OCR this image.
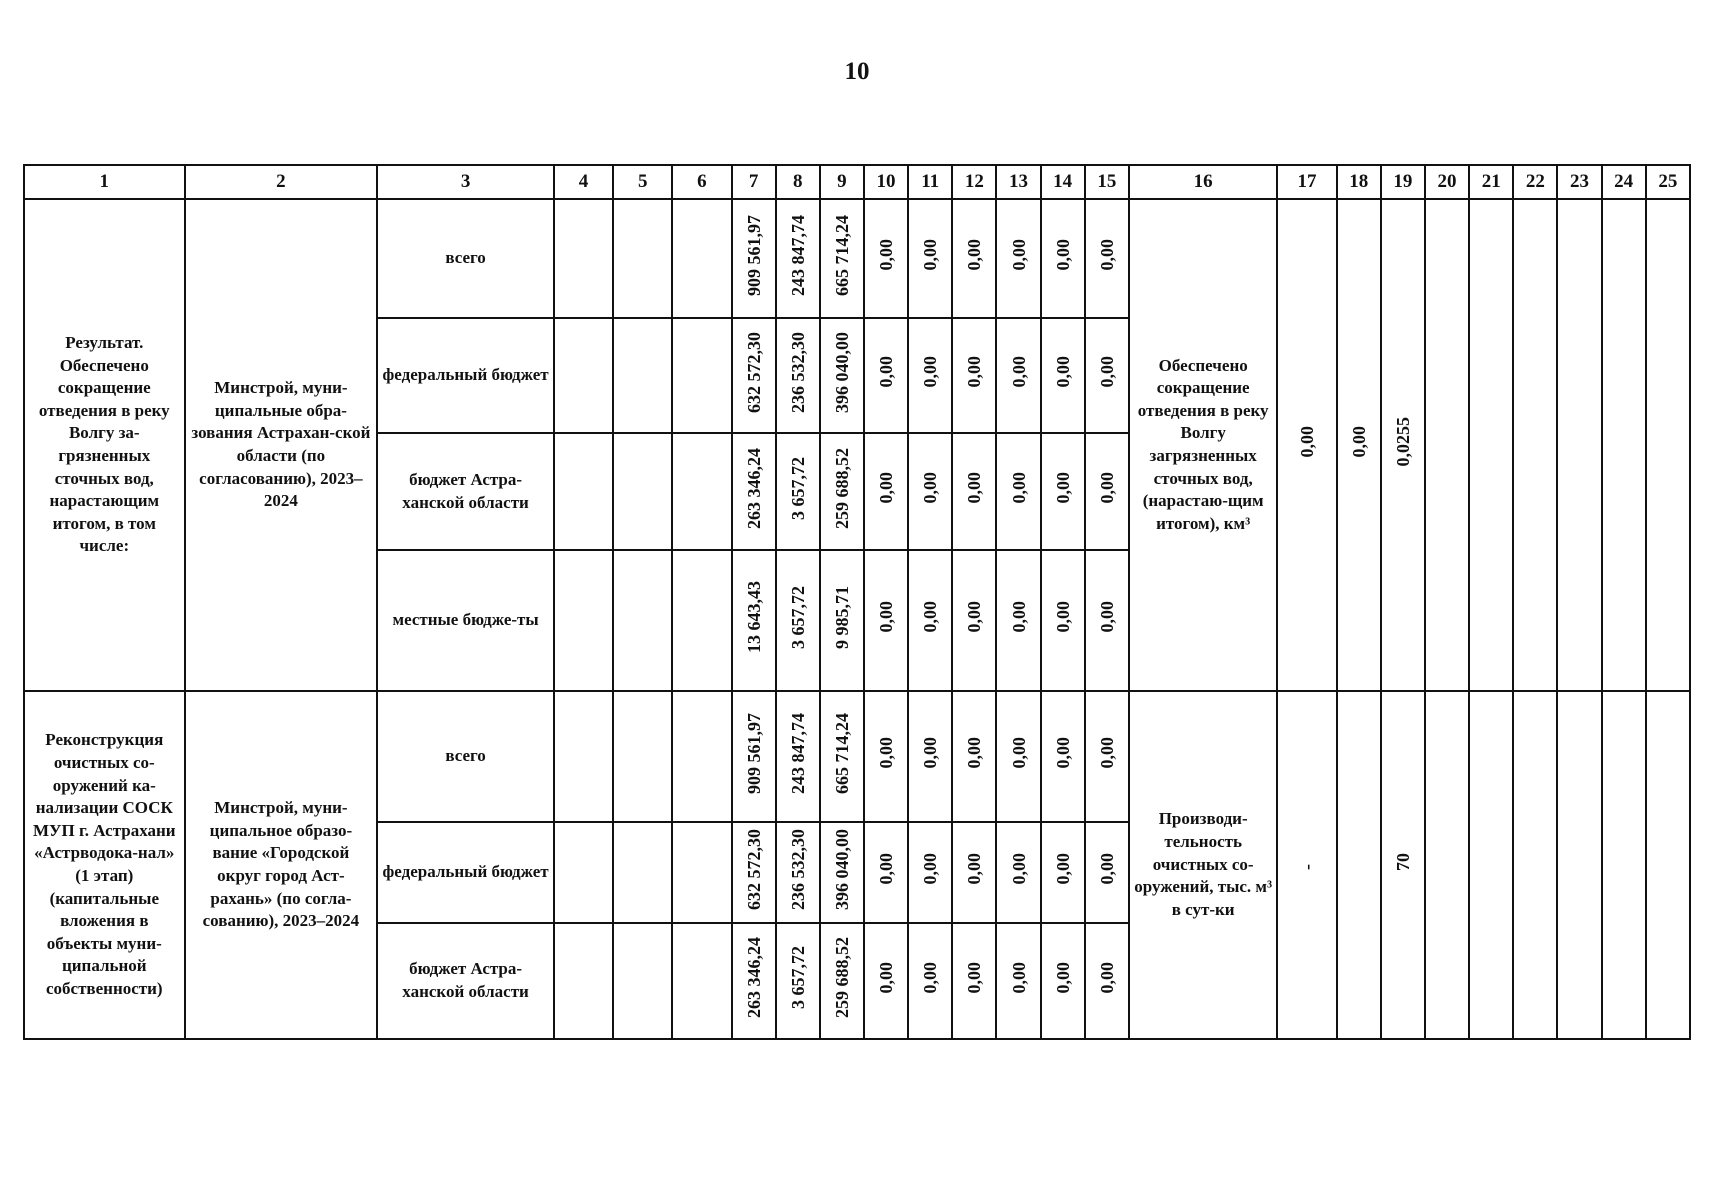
10
1	2	3	4	5	6	7	8	9	10	11	12	13	14	15	16	17	18	19	20	21	22	23	24	25

Результат. Обеспечено сокращение отведения в реку Волгу за-грязненных сточных вод, нарастающим итогом, в том числе:	Минстрой, муни-ципальные обра-зования Астрахан-ской области (по согласованию), 2023–2024	всего				909 561,97	243 847,74	665 714,24	0,00	0,00	0,00	0,00	0,00	0,00	Обеспечено сокращение отведения в реку Волгу загрязненных сточных вод, (нарастаю-щим итогом), км³	0,00	0,00	0,0255						

		федеральный бюджет				632 572,30	236 532,30	396 040,00	0,00	0,00	0,00	0,00	0,00	0,00										

		бюджет Астра-ханской области				263 346,24	3 657,72	259 688,52	0,00	0,00	0,00	0,00	0,00	0,00										

		местные бюдже-ты				13 643,43	3 657,72	9 985,71	0,00	0,00	0,00	0,00	0,00	0,00										

Реконструкция очистных со-оружений ка-нализации СОСК МУП г. Астрахани «Астрводока-нал» (1 этап) (капитальные вложения в объекты муни-ципальной собственности)	Минстрой, муни-ципальное образо-вание «Городской округ город Аст-рахань» (по согла-сованию), 2023–2024	всего				909 561,97	243 847,74	665 714,24	0,00	0,00	0,00	0,00	0,00	0,00	Производи-тельность очистных со-оружений, тыс. м³ в сут-ки	-		70						

		федеральный бюджет				632 572,30	236 532,30	396 040,00	0,00	0,00	0,00	0,00	0,00	0,00										

		бюджет Астра-ханской области				263 346,24	3 657,72	259 688,52	0,00	0,00	0,00	0,00	0,00	0,00										
